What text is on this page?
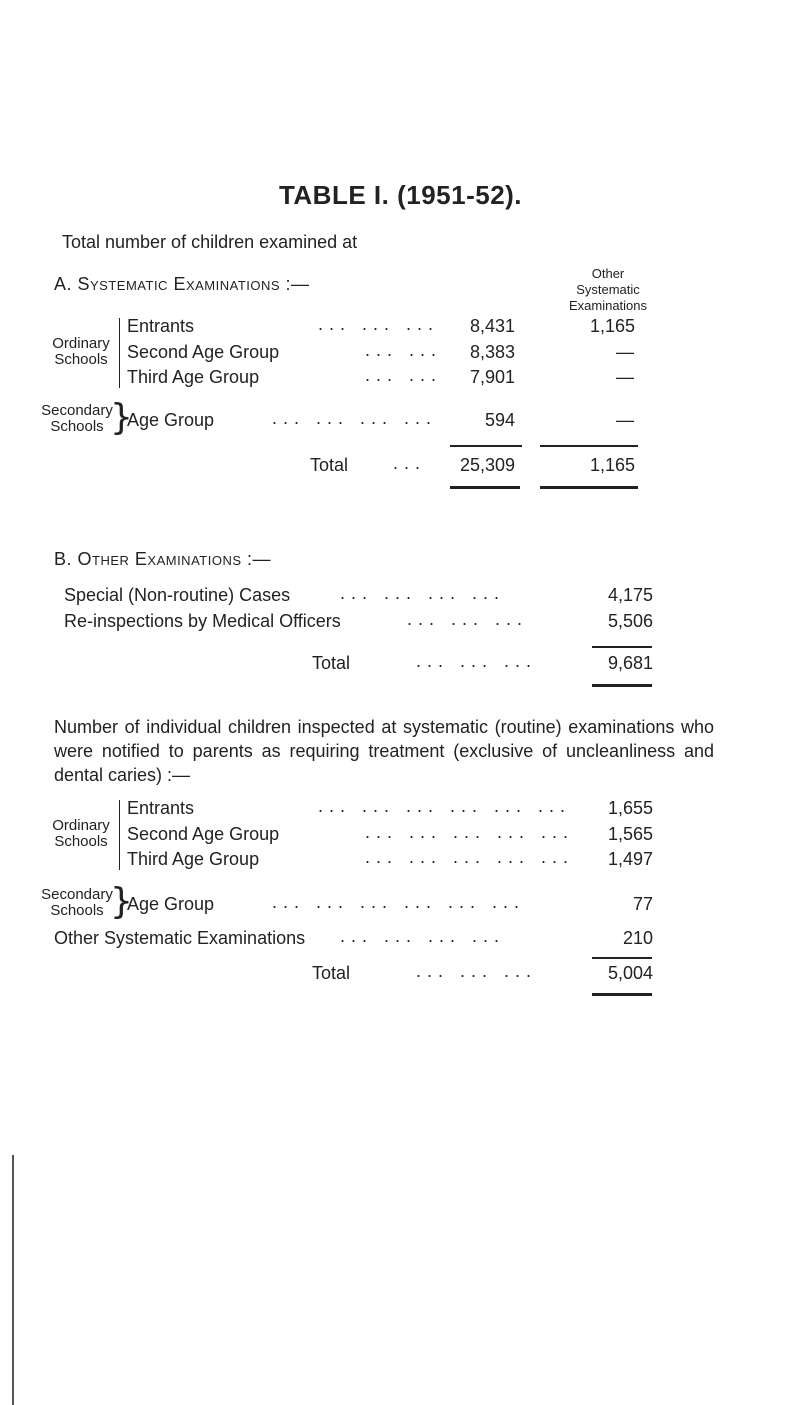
TABLE I. (1951-52).
Total number of children examined at
A. Systematic Examinations :—
Other
Systematic
Examinations
Ordinary
Schools
Entrants	... ... ...	8,431	1,165
Second Age Group	... ...	8,383	—
Third Age Group	... ...	7,901	—
Secondary
Schools }
Age Group	... ... ... ...	594	—
Total ...	25,309	1,165
B. Other Examinations :—
Special (Non-routine) Cases	... ... ... ...	4,175
Re-inspections by Medical Officers	... ... ...	5,506
Total	... ... ...	9,681
Number of individual children inspected at systematic (routine) examinations who were notified to parents as requiring treatment (exclusive of uncleanliness and dental caries) :—
Ordinary
Schools
Entrants	... ... ... ... ... ...	1,655
Second Age Group	... ... ... ... ...	1,565
Third Age Group	... ... ... ... ...	1,497
Secondary
Schools }
Age Group	... ... ... ... ... ...	77
Other Systematic Examinations ... ... ... ...	210
Total	... ... ...	5,004
